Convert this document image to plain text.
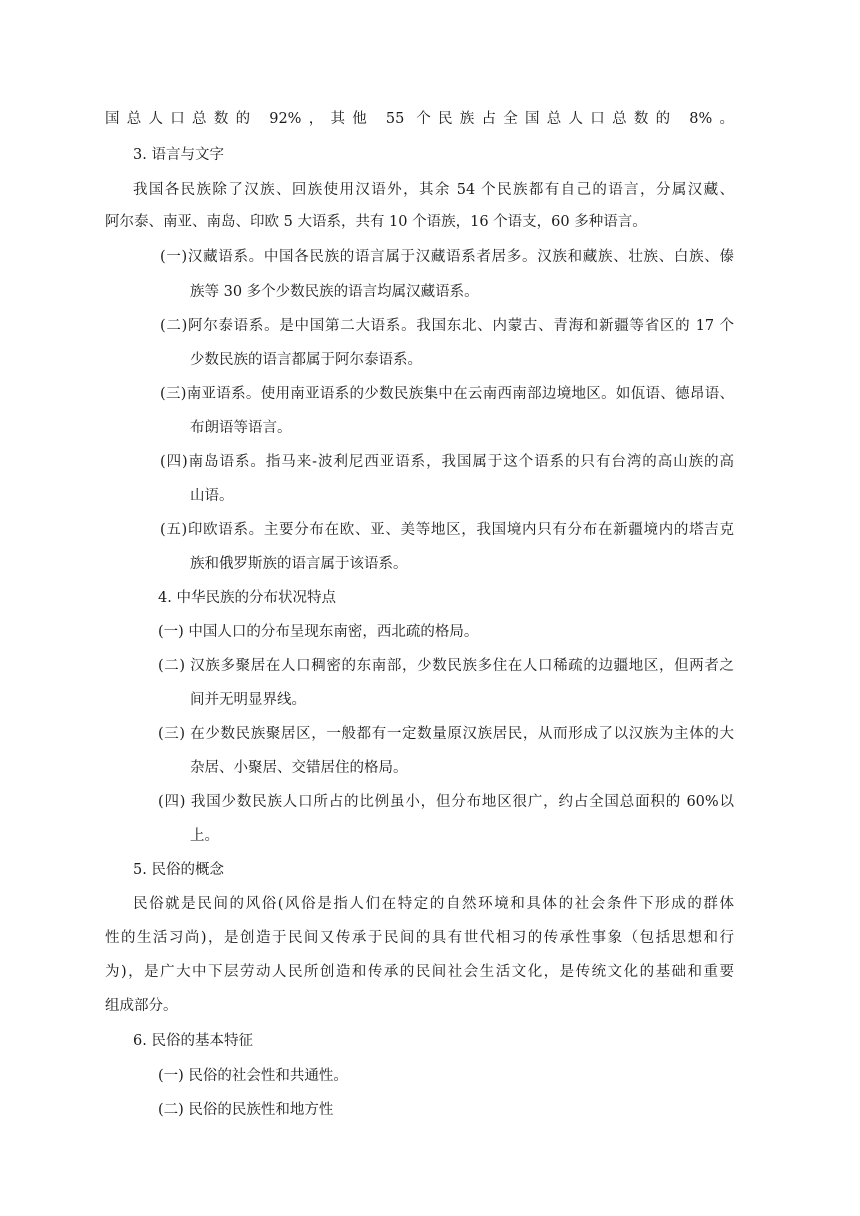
国总人口总数的 92%，其他 55 个民族占全国总人口总数的 8%。
3. 语言与文字
我国各民族除了汉族、回族使用汉语外，其余 54 个民族都有自己的语言，分属汉藏、
阿尔泰、南亚、南岛、印欧 5 大语系，共有 10 个语族，16 个语支，60 多种语言。
(一)汉藏语系。中国各民族的语言属于汉藏语系者居多。汉族和藏族、壮族、白族、傣
族等 30 多个少数民族的语言均属汉藏语系。
(二)阿尔泰语系。是中国第二大语系。我国东北、内蒙古、青海和新疆等省区的 17 个
少数民族的语言都属于阿尔泰语系。
(三)南亚语系。使用南亚语系的少数民族集中在云南西南部边境地区。如佤语、德昂语、
布朗语等语言。
(四)南岛语系。指马来-波利尼西亚语系，我国属于这个语系的只有台湾的高山族的高
山语。
(五)印欧语系。主要分布在欧、亚、美等地区，我国境内只有分布在新疆境内的塔吉克
族和俄罗斯族的语言属于该语系。
4. 中华民族的分布状况特点
(一) 中国人口的分布呈现东南密，西北疏的格局。
(二) 汉族多聚居在人口稠密的东南部，少数民族多住在人口稀疏的边疆地区，但两者之
间并无明显界线。
(三) 在少数民族聚居区，一般都有一定数量原汉族居民，从而形成了以汉族为主体的大
杂居、小聚居、交错居住的格局。
(四) 我国少数民族人口所占的比例虽小，但分布地区很广，约占全国总面积的 60%以
上。
5. 民俗的概念
民俗就是民间的风俗(风俗是指人们在特定的自然环境和具体的社会条件下形成的群体
性的生活习尚)，是创造于民间又传承于民间的具有世代相习的传承性事象（包括思想和行
为)，是广大中下层劳动人民所创造和传承的民间社会生活文化，是传统文化的基础和重要
组成部分。
6. 民俗的基本特征
(一) 民俗的社会性和共通性。
(二) 民俗的民族性和地方性
